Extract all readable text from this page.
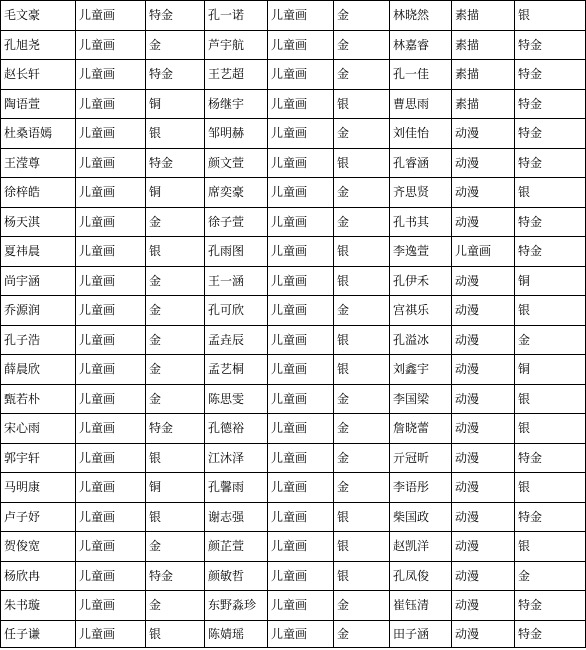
毛文豪	儿童画	特金	孔一诺	儿童画	金	林晓然	素描	银
孔旭尧	儿童画	金	芦宇航	儿童画	金	林嘉睿	素描	特金
赵长轩	儿童画	特金	王艺超	儿童画	金	孔一佳	素描	特金
陶语萱	儿童画	铜	杨继宇	儿童画	银	曹思雨	素描	特金
杜桑语嫣	儿童画	银	邹明赫	儿童画	金	刘佳怡	动漫	特金
王滢尊	儿童画	特金	颜文萱	儿童画	银	孔睿涵	动漫	特金
徐梓皓	儿童画	铜	席奕豪	儿童画	金	齐思贤	动漫	银
杨天淇	儿童画	金	徐子萱	儿童画	金	孔书其	动漫	特金
夏祎晨	儿童画	银	孔雨图	儿童画	银	李逸萱	儿童画	特金
尚宇涵	儿童画	金	王一涵	儿童画	银	孔伊禾	动漫	铜
乔源润	儿童画	金	孔可欣	儿童画	金	宫祺乐	动漫	银
孔子浩	儿童画	金	孟垚辰	儿童画	银	孔溢冰	动漫	金
薛晨欣	儿童画	金	孟艺桐	儿童画	银	刘鑫宇	动漫	铜
甄若朴	儿童画	金	陈思雯	儿童画	金	李国梁	动漫	银
宋心雨	儿童画	特金	孔德裕	儿童画	金	詹晓蕾	动漫	银
郭宇轩	儿童画	银	江沐泽	儿童画	金	亓冠昕	动漫	特金
马明康	儿童画	铜	孔馨雨	儿童画	金	李语彤	动漫	银
卢子妤	儿童画	银	谢志强	儿童画	银	柴国政	动漫	特金
贺俊宽	儿童画	金	颜芷萱	儿童画	银	赵凯洋	动漫	银
杨欣冉	儿童画	特金	颜敏哲	儿童画	银	孔凤俊	动漫	金
朱书璇	儿童画	金	东野淼珍	儿童画	金	崔钰清	动漫	特金
任子谦	儿童画	银	陈婧瑶	儿童画	金	田子涵	动漫	特金
